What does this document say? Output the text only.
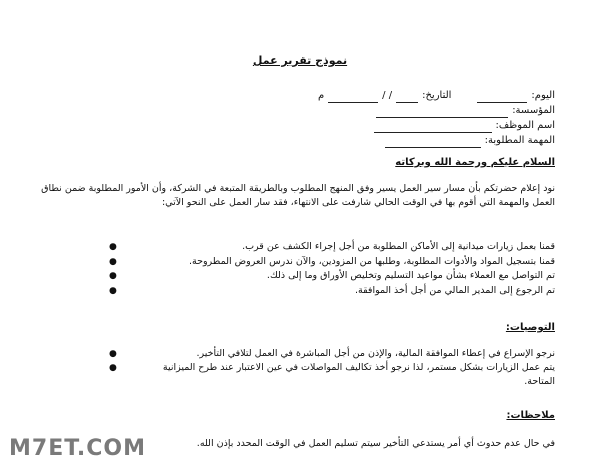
نموذج تقرير عمل
اليوم:
التاريخ:
/ /
م
المؤسسة:
اسم الموظف:
المهمة المطلوبة:
السلام عليكم ورحمة الله وبركاته
نود إعلام حضرتكم بأن مسار سير العمل يسير وفق المنهج المطلوب وبالطريقة المتبعة في الشركة، وأن الأمور المطلوبة ضمن نطاق العمل والمهمة التي أقوم بها في الوقت الحالي شارفت على الانتهاء، فقد سار العمل على النحو الآتي:
قمنا بعمل زيارات ميدانية إلى الأماكن المطلوبة من أجل إجراء الكشف عن قرب.
●
قمنا بتسجيل المواد والأدوات المطلوبة، وطلبها من المزودين، والآن ندرس العروض المطروحة.
●
تم التواصل مع العملاء بشأن مواعيد التسليم وتخليص الأوراق وما إلى ذلك.
●
تم الرجوع إلى المدير المالي من أجل أخذ الموافقة.
●
التوصيات:
نرجو الإسراع في إعطاء الموافقة المالية، والإذن من أجل المباشرة في العمل لتلافي التأخير.
●
يتم عمل الزيارات بشكل مستمر، لذا نرجو أخذ تكاليف المواصلات في عين الاعتبار عند طرح الميزانية المتاحة.
●
ملاحظات:
في حال عدم حدوث أي أمر يستدعي التأخير سيتم تسليم العمل في الوقت المحدد بإذن الله.
M7ET.COM
